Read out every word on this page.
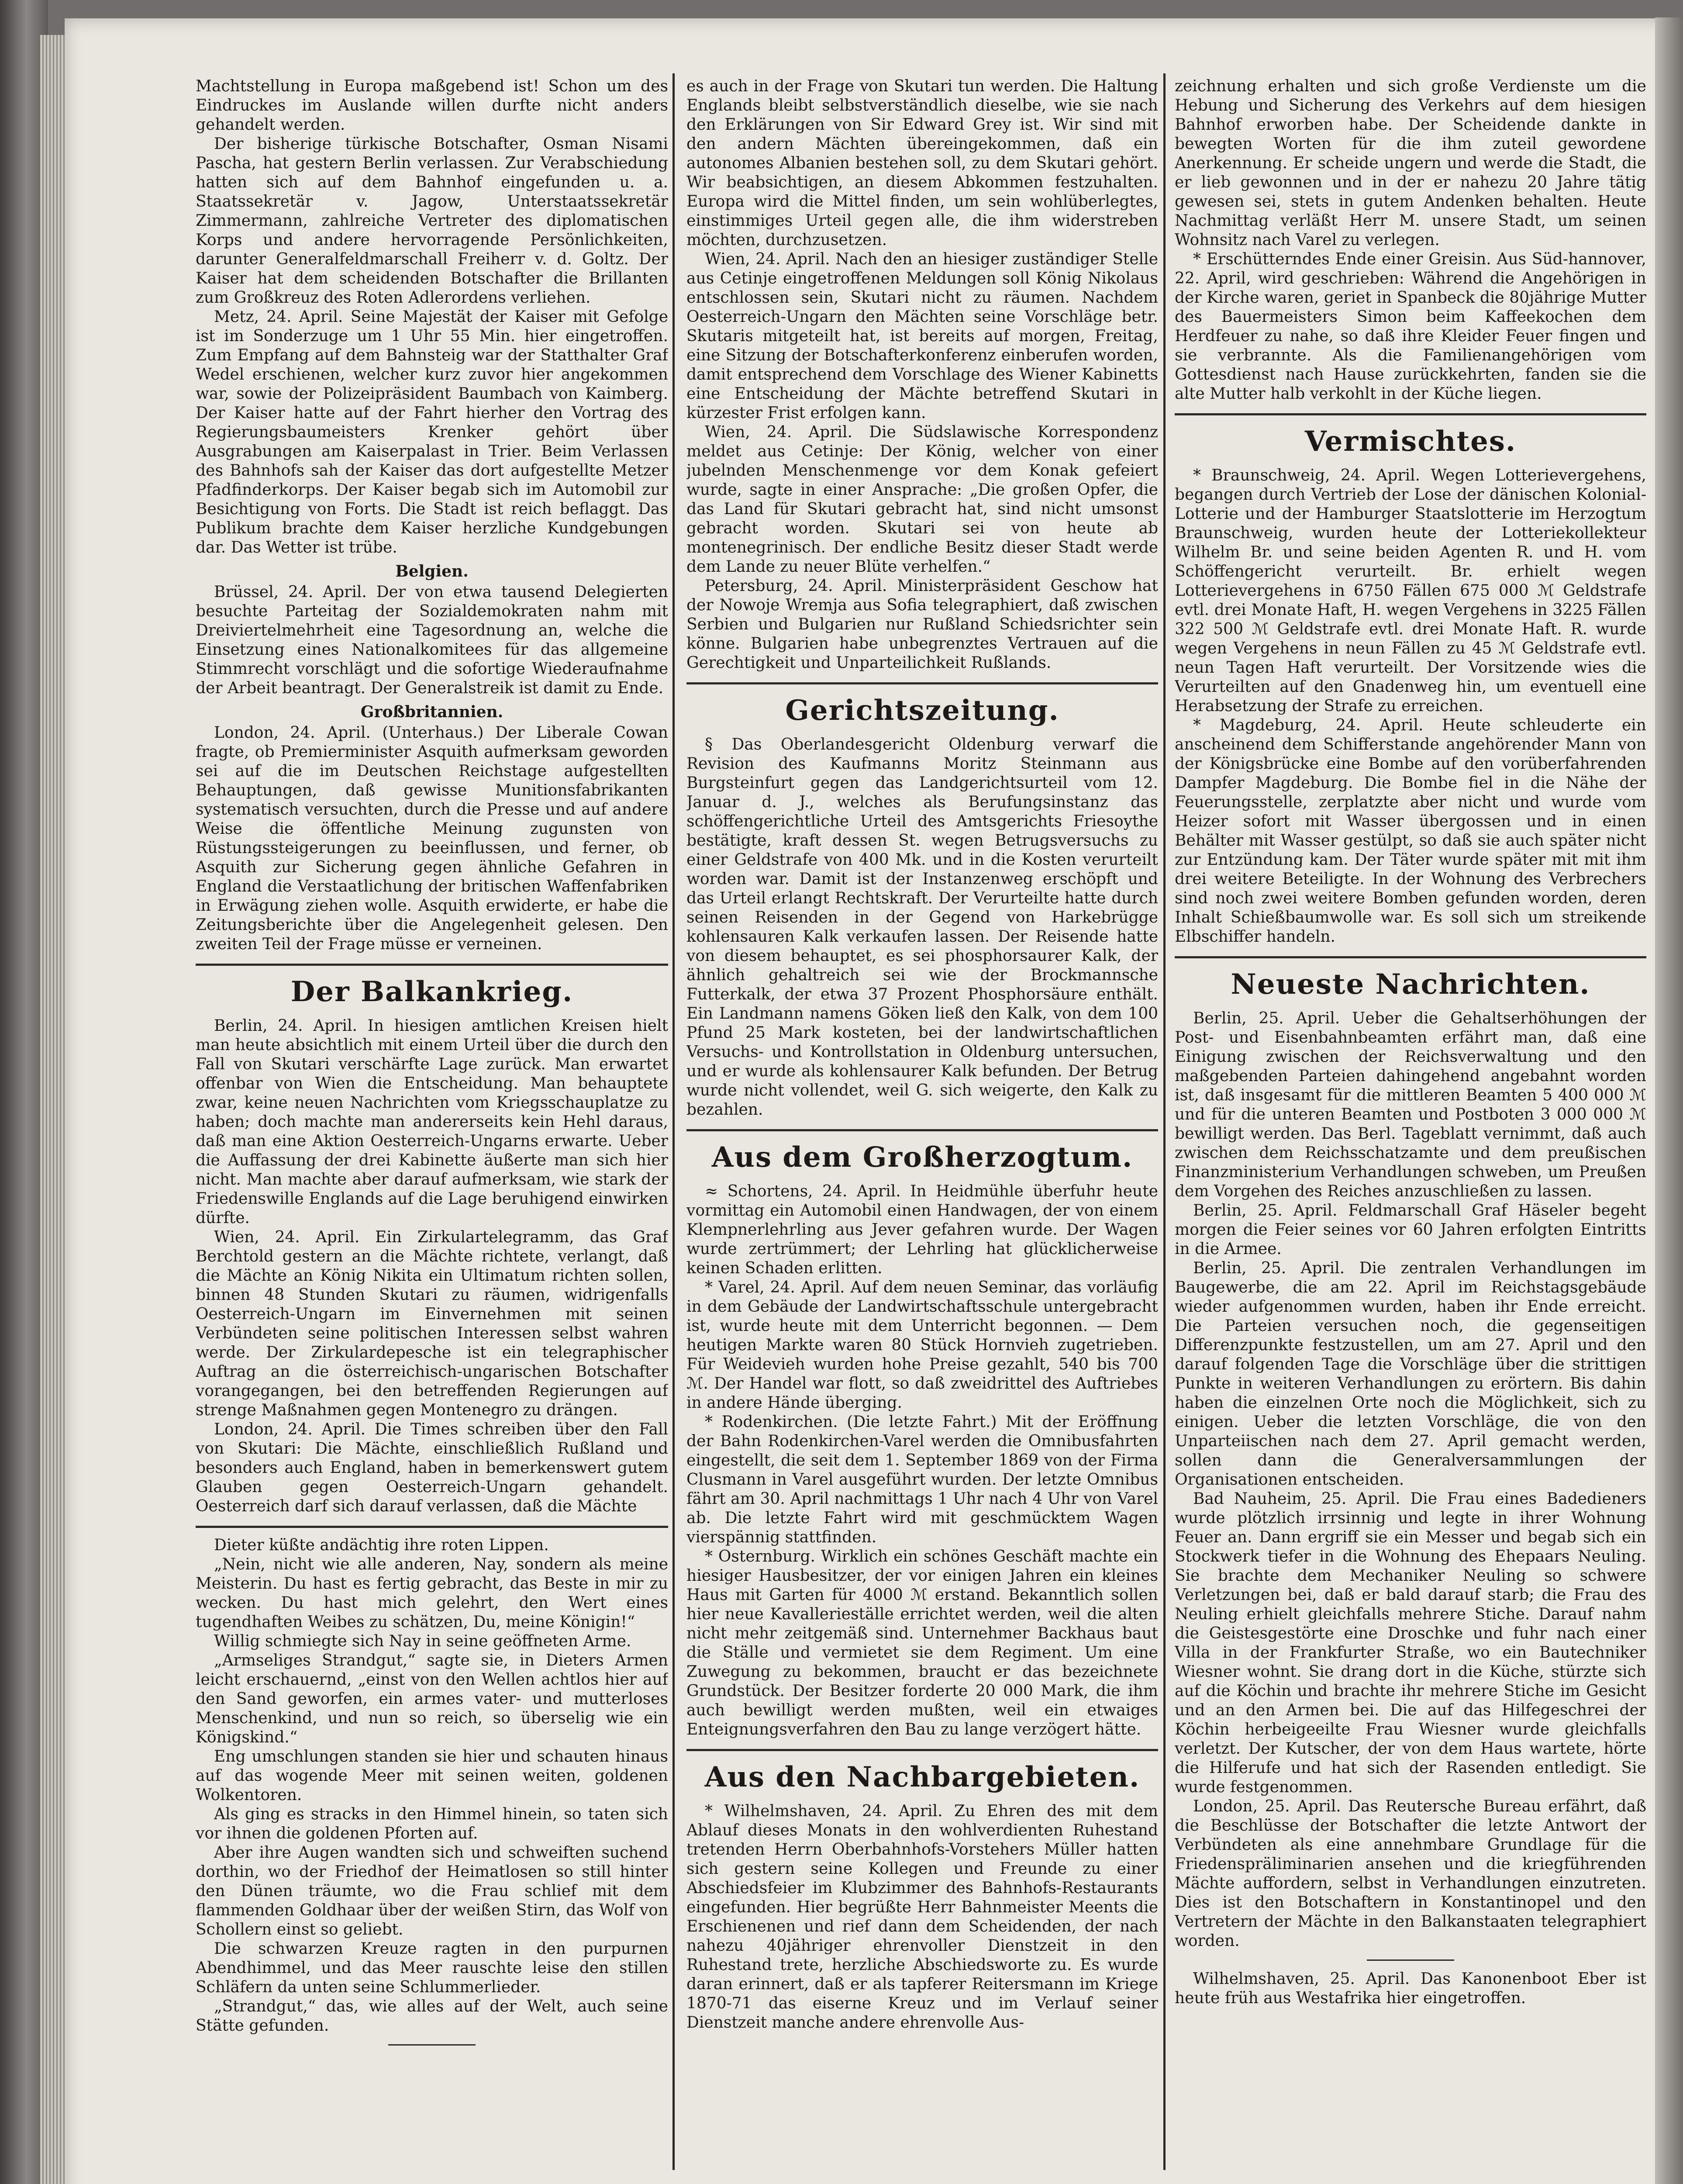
Machtstellung in Europa maßgebend ist! Schon um des Eindruckes im Auslande willen durfte nicht anders gehandelt werden.

Der bisherige türkische Botschafter, Osman Nisami Pascha, hat gestern Berlin verlassen. Zur Verabschiedung hatten sich auf dem Bahnhof eingefunden u. a. Staatssekretär v. Jagow, Unterstaatssekretär Zimmermann, zahlreiche Vertreter des diplomatischen Korps und andere hervorragende Persönlichkeiten, darunter Generalfeldmarschall Freiherr v. d. Goltz. Der Kaiser hat dem scheidenden Botschafter die Brillanten zum Großkreuz des Roten Adlerordens verliehen.

Metz, 24. April. Seine Majestät der Kaiser mit Gefolge ist im Sonderzuge um 1 Uhr 55 Min. hier eingetroffen. Zum Empfang auf dem Bahnsteig war der Statthalter Graf Wedel erschienen, welcher kurz zuvor hier angekommen war, sowie der Polizeipräsident Baumbach von Kaimberg. Der Kaiser hatte auf der Fahrt hierher den Vortrag des Regierungsbaumeisters Krenker gehört über Ausgrabungen am Kaiserpalast in Trier. Beim Verlassen des Bahnhofs sah der Kaiser das dort aufgestellte Metzer Pfadfinderkorps. Der Kaiser begab sich im Automobil zur Besichtigung von Forts. Die Stadt ist reich beflaggt. Das Publikum brachte dem Kaiser herzliche Kundgebungen dar. Das Wetter ist trübe.

Belgien.

Brüssel, 24. April. Der von etwa tausend Delegierten besuchte Parteitag der Sozialdemokraten nahm mit Dreiviertelmehrheit eine Tagesordnung an, welche die Einsetzung eines Nationalkomitees für das allgemeine Stimmrecht vorschlägt und die sofortige Wiederaufnahme der Arbeit beantragt. Der Generalstreik ist damit zu Ende.

Großbritannien.

London, 24. April. (Unterhaus.) Der Liberale Cowan fragte, ob Premierminister Asquith aufmerksam geworden sei auf die im Deutschen Reichstage aufgestellten Behauptungen, daß gewisse Munitionsfabrikanten systematisch versuchten, durch die Presse und auf andere Weise die öffentliche Meinung zugunsten von Rüstungssteigerungen zu beeinflussen, und ferner, ob Asquith zur Sicherung gegen ähnliche Gefahren in England die Verstaatlichung der britischen Waffenfabriken in Erwägung ziehen wolle. Asquith erwiderte, er habe die Zeitungsberichte über die Angelegenheit gelesen. Den zweiten Teil der Frage müsse er verneinen.

Der Balkankrieg.

Berlin, 24. April. In hiesigen amtlichen Kreisen hielt man heute absichtlich mit einem Urteil über die durch den Fall von Skutari verschärfte Lage zurück. Man erwartet offenbar von Wien die Entscheidung. Man behauptete zwar, keine neuen Nachrichten vom Kriegsschauplatze zu haben; doch machte man andererseits kein Hehl daraus, daß man eine Aktion Oesterreich-Ungarns erwarte. Ueber die Auffassung der drei Kabinette äußerte man sich hier nicht. Man machte aber darauf aufmerksam, wie stark der Friedenswille Englands auf die Lage beruhigend einwirken dürfte.

Wien, 24. April. Ein Zirkulartelegramm, das Graf Berchtold gestern an die Mächte richtete, verlangt, daß die Mächte an König Nikita ein Ultimatum richten sollen, binnen 48 Stunden Skutari zu räumen, widrigenfalls Oesterreich-Ungarn im Einvernehmen mit seinen Verbündeten seine politischen Interessen selbst wahren werde. Der Zirkulardepesche ist ein telegraphischer Auftrag an die österreichisch-ungarischen Botschafter vorangegangen, bei den betreffenden Regierungen auf strenge Maßnahmen gegen Montenegro zu drängen.

London, 24. April. Die Times schreiben über den Fall von Skutari: Die Mächte, einschließlich Rußland und besonders auch England, haben in bemerkenswert gutem Glauben gegen Oesterreich-Ungarn gehandelt. Oesterreich darf sich darauf verlassen, daß die Mächte

Dieter küßte andächtig ihre roten Lippen.

„Nein, nicht wie alle anderen, Nay, sondern als meine Meisterin. Du hast es fertig gebracht, das Beste in mir zu wecken. Du hast mich gelehrt, den Wert eines tugendhaften Weibes zu schätzen, Du, meine Königin!“

Willig schmiegte sich Nay in seine geöffneten Arme.

„Armseliges Strandgut,“ sagte sie, in Dieters Armen leicht erschauernd, „einst von den Wellen achtlos hier auf den Sand geworfen, ein armes vater- und mutterloses Menschenkind, und nun so reich, so überselig wie ein Königskind.“

Eng umschlungen standen sie hier und schauten hinaus auf das wogende Meer mit seinen weiten, goldenen Wolkentoren.

Als ging es stracks in den Himmel hinein, so taten sich vor ihnen die goldenen Pforten auf.

Aber ihre Augen wandten sich und schweiften suchend dorthin, wo der Friedhof der Heimatlosen so still hinter den Dünen träumte, wo die Frau schlief mit dem flammenden Goldhaar über der weißen Stirn, das Wolf von Schollern einst so geliebt.

Die schwarzen Kreuze ragten in den purpurnen Abendhimmel, und das Meer rauschte leise den stillen Schläfern da unten seine Schlummerlieder.

„Strandgut,“ das, wie alles auf der Welt, auch seine Stätte gefunden.

es auch in der Frage von Skutari tun werden. Die Haltung Englands bleibt selbstverständlich dieselbe, wie sie nach den Erklärungen von Sir Edward Grey ist. Wir sind mit den andern Mächten übereingekommen, daß ein autonomes Albanien bestehen soll, zu dem Skutari gehört. Wir beabsichtigen, an diesem Abkommen festzuhalten. Europa wird die Mittel finden, um sein wohlüberlegtes, einstimmiges Urteil gegen alle, die ihm widerstreben möchten, durchzusetzen.

Wien, 24. April. Nach den an hiesiger zuständiger Stelle aus Cetinje eingetroffenen Meldungen soll König Nikolaus entschlossen sein, Skutari nicht zu räumen. Nachdem Oesterreich-Ungarn den Mächten seine Vorschläge betr. Skutaris mitgeteilt hat, ist bereits auf morgen, Freitag, eine Sitzung der Botschafterkonferenz einberufen worden, damit entsprechend dem Vorschlage des Wiener Kabinetts eine Entscheidung der Mächte betreffend Skutari in kürzester Frist erfolgen kann.

Wien, 24. April. Die Südslawische Korrespondenz meldet aus Cetinje: Der König, welcher von einer jubelnden Menschenmenge vor dem Konak gefeiert wurde, sagte in einer Ansprache: „Die großen Opfer, die das Land für Skutari gebracht hat, sind nicht umsonst gebracht worden. Skutari sei von heute ab montenegrinisch. Der endliche Besitz dieser Stadt werde dem Lande zu neuer Blüte verhelfen.“

Petersburg, 24. April. Ministerpräsident Geschow hat der Nowoje Wremja aus Sofia telegraphiert, daß zwischen Serbien und Bulgarien nur Rußland Schiedsrichter sein könne. Bulgarien habe unbegrenztes Vertrauen auf die Gerechtigkeit und Unparteilichkeit Rußlands.

Gerichtszeitung.

§ Das Oberlandesgericht Oldenburg verwarf die Revision des Kaufmanns Moritz Steinmann aus Burgsteinfurt gegen das Landgerichtsurteil vom 12. Januar d. J., welches als Berufungsinstanz das schöffengerichtliche Urteil des Amtsgerichts Friesoythe bestätigte, kraft dessen St. wegen Betrugsversuchs zu einer Geldstrafe von 400 Mk. und in die Kosten verurteilt worden war. Damit ist der Instanzenweg erschöpft und das Urteil erlangt Rechtskraft. Der Verurteilte hatte durch seinen Reisenden in der Gegend von Harkebrügge kohlensauren Kalk verkaufen lassen. Der Reisende hatte von diesem behauptet, es sei phosphorsaurer Kalk, der ähnlich gehaltreich sei wie der Brockmannsche Futterkalk, der etwa 37 Prozent Phosphorsäure enthält. Ein Landmann namens Göken ließ den Kalk, von dem 100 Pfund 25 Mark kosteten, bei der landwirtschaftlichen Versuchs- und Kontrollstation in Oldenburg untersuchen, und er wurde als kohlensaurer Kalk befunden. Der Betrug wurde nicht vollendet, weil G. sich weigerte, den Kalk zu bezahlen.

Aus dem Großherzogtum.

≈ Schortens, 24. April. In Heidmühle überfuhr heute vormittag ein Automobil einen Handwagen, der von einem Klempnerlehrling aus Jever gefahren wurde. Der Wagen wurde zertrümmert; der Lehrling hat glücklicherweise keinen Schaden erlitten.

* Varel, 24. April. Auf dem neuen Seminar, das vorläufig in dem Gebäude der Landwirtschaftsschule untergebracht ist, wurde heute mit dem Unterricht begonnen. — Dem heutigen Markte waren 80 Stück Hornvieh zugetrieben. Für Weidevieh wurden hohe Preise gezahlt, 540 bis 700 ℳ. Der Handel war flott, so daß zweidrittel des Auftriebes in andere Hände überging.

* Rodenkirchen. (Die letzte Fahrt.) Mit der Eröffnung der Bahn Rodenkirchen-Varel werden die Omnibusfahrten eingestellt, die seit dem 1. September 1869 von der Firma Clusmann in Varel ausgeführt wurden. Der letzte Omnibus fährt am 30. April nachmittags 1 Uhr nach 4 Uhr von Varel ab. Die letzte Fahrt wird mit geschmücktem Wagen vierspännig stattfinden.

* Osternburg. Wirklich ein schönes Geschäft machte ein hiesiger Hausbesitzer, der vor einigen Jahren ein kleines Haus mit Garten für 4000 ℳ erstand. Bekanntlich sollen hier neue Kavallerieställe errichtet werden, weil die alten nicht mehr zeitgemäß sind. Unternehmer Backhaus baut die Ställe und vermietet sie dem Regiment. Um eine Zuwegung zu bekommen, braucht er das bezeichnete Grundstück. Der Besitzer forderte 20 000 Mark, die ihm auch bewilligt werden mußten, weil ein etwaiges Enteignungsverfahren den Bau zu lange verzögert hätte.

Aus den Nachbargebieten.

* Wilhelmshaven, 24. April. Zu Ehren des mit dem Ablauf dieses Monats in den wohlverdienten Ruhestand tretenden Herrn Oberbahnhofs-Vorstehers Müller hatten sich gestern seine Kollegen und Freunde zu einer Abschiedsfeier im Klubzimmer des Bahnhofs-Restaurants eingefunden. Hier begrüßte Herr Bahnmeister Meents die Erschienenen und rief dann dem Scheidenden, der nach nahezu 40jähriger ehrenvoller Dienstzeit in den Ruhestand trete, herzliche Abschiedsworte zu. Es wurde daran erinnert, daß er als tapferer Reitersmann im Kriege 1870-71 das eiserne Kreuz und im Verlauf seiner Dienstzeit manche andere ehrenvolle Aus-

zeichnung erhalten und sich große Verdienste um die Hebung und Sicherung des Verkehrs auf dem hiesigen Bahnhof erworben habe. Der Scheidende dankte in bewegten Worten für die ihm zuteil gewordene Anerkennung. Er scheide ungern und werde die Stadt, die er lieb gewonnen und in der er nahezu 20 Jahre tätig gewesen sei, stets in gutem Andenken behalten. Heute Nachmittag verläßt Herr M. unsere Stadt, um seinen Wohnsitz nach Varel zu verlegen.

* Erschütterndes Ende einer Greisin. Aus Süd-hannover, 22. April, wird geschrieben: Während die Angehörigen in der Kirche waren, geriet in Spanbeck die 80jährige Mutter des Bauermeisters Simon beim Kaffeekochen dem Herdfeuer zu nahe, so daß ihre Kleider Feuer fingen und sie verbrannte. Als die Familienangehörigen vom Gottesdienst nach Hause zurückkehrten, fanden sie die alte Mutter halb verkohlt in der Küche liegen.

Vermischtes.

* Braunschweig, 24. April. Wegen Lotterievergehens, begangen durch Vertrieb der Lose der dänischen Kolonial-Lotterie und der Hamburger Staatslotterie im Herzogtum Braunschweig, wurden heute der Lotteriekollekteur Wilhelm Br. und seine beiden Agenten R. und H. vom Schöffengericht verurteilt. Br. erhielt wegen Lotterievergehens in 6750 Fällen 675 000 ℳ Geldstrafe evtl. drei Monate Haft, H. wegen Vergehens in 3225 Fällen 322 500 ℳ Geldstrafe evtl. drei Monate Haft. R. wurde wegen Vergehens in neun Fällen zu 45 ℳ Geldstrafe evtl. neun Tagen Haft verurteilt. Der Vorsitzende wies die Verurteilten auf den Gnadenweg hin, um eventuell eine Herabsetzung der Strafe zu erreichen.

* Magdeburg, 24. April. Heute schleuderte ein anscheinend dem Schifferstande angehörender Mann von der Königsbrücke eine Bombe auf den vorüberfahrenden Dampfer Magdeburg. Die Bombe fiel in die Nähe der Feuerungsstelle, zerplatzte aber nicht und wurde vom Heizer sofort mit Wasser übergossen und in einen Behälter mit Wasser gestülpt, so daß sie auch später nicht zur Entzündung kam. Der Täter wurde später mit mit ihm drei weitere Beteiligte. In der Wohnung des Verbrechers sind noch zwei weitere Bomben gefunden worden, deren Inhalt Schießbaumwolle war. Es soll sich um streikende Elbschiffer handeln.

Neueste Nachrichten.

Berlin, 25. April. Ueber die Gehaltserhöhungen der Post- und Eisenbahnbeamten erfährt man, daß eine Einigung zwischen der Reichsverwaltung und den maßgebenden Parteien dahingehend angebahnt worden ist, daß insgesamt für die mittleren Beamten 5 400 000 ℳ und für die unteren Beamten und Postboten 3 000 000 ℳ bewilligt werden. Das Berl. Tageblatt vernimmt, daß auch zwischen dem Reichsschatzamte und dem preußischen Finanzministerium Verhandlungen schweben, um Preußen dem Vorgehen des Reiches anzuschließen zu lassen.

Berlin, 25. April. Feldmarschall Graf Häseler begeht morgen die Feier seines vor 60 Jahren erfolgten Eintritts in die Armee.

Berlin, 25. April. Die zentralen Verhandlungen im Baugewerbe, die am 22. April im Reichstagsgebäude wieder aufgenommen wurden, haben ihr Ende erreicht. Die Parteien versuchen noch, die gegenseitigen Differenzpunkte festzustellen, um am 27. April und den darauf folgenden Tage die Vorschläge über die strittigen Punkte in weiteren Verhandlungen zu erörtern. Bis dahin haben die einzelnen Orte noch die Möglichkeit, sich zu einigen. Ueber die letzten Vorschläge, die von den Unparteiischen nach dem 27. April gemacht werden, sollen dann die Generalversammlungen der Organisationen entscheiden.

Bad Nauheim, 25. April. Die Frau eines Badedieners wurde plötzlich irrsinnig und legte in ihrer Wohnung Feuer an. Dann ergriff sie ein Messer und begab sich ein Stockwerk tiefer in die Wohnung des Ehepaars Neuling. Sie brachte dem Mechaniker Neuling so schwere Verletzungen bei, daß er bald darauf starb; die Frau des Neuling erhielt gleichfalls mehrere Stiche. Darauf nahm die Geistesgestörte eine Droschke und fuhr nach einer Villa in der Frankfurter Straße, wo ein Bautechniker Wiesner wohnt. Sie drang dort in die Küche, stürzte sich auf die Köchin und brachte ihr mehrere Stiche im Gesicht und an den Armen bei. Die auf das Hilfegeschrei der Köchin herbeigeeilte Frau Wiesner wurde gleichfalls verletzt. Der Kutscher, der von dem Haus wartete, hörte die Hilferufe und hat sich der Rasenden entledigt. Sie wurde festgenommen.

London, 25. April. Das Reutersche Bureau erfährt, daß die Beschlüsse der Botschafter die letzte Antwort der Verbündeten als eine annehmbare Grundlage für die Friedenspräliminarien ansehen und die kriegführenden Mächte auffordern, selbst in Verhandlungen einzutreten. Dies ist den Botschaftern in Konstantinopel und den Vertretern der Mächte in den Balkanstaaten telegraphiert worden.

Wilhelmshaven, 25. April. Das Kanonenboot Eber ist heute früh aus Westafrika hier eingetroffen.
